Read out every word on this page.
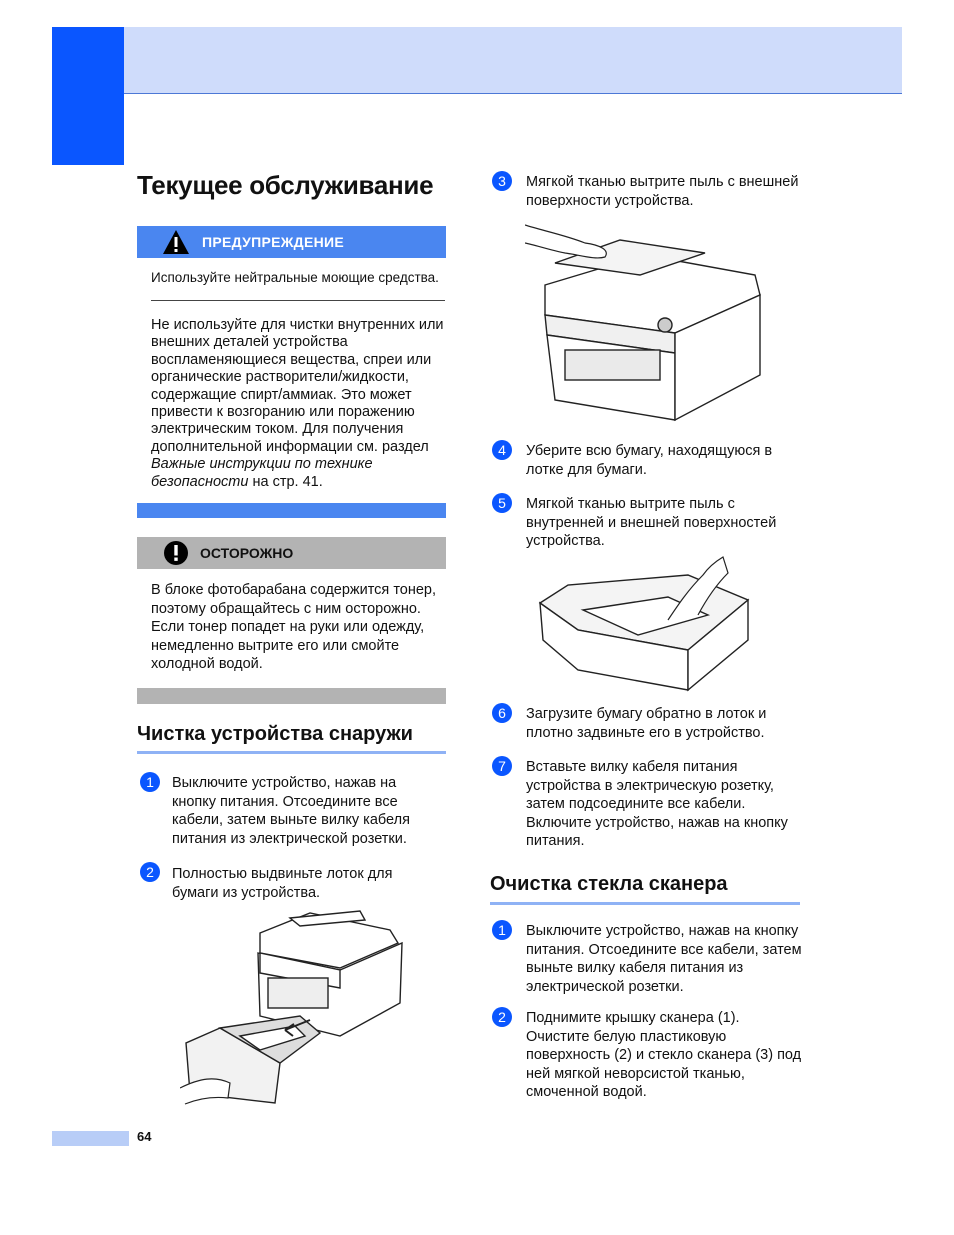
Текущее обслуживание
ПРЕДУПРЕЖДЕНИЕ
Используйте нейтральные моющие средства.
Не используйте для чистки внутренних или внешних деталей устройства воспламеняющиеся вещества, спреи или органические растворители/жидкости, содержащие спирт/аммиак. Это может привести к возгоранию или поражению электрическим током. Для получения дополнительной информации см. раздел Важные инструкции по технике безопасности на стр. 41.
ОСТОРОЖНО
В блоке фотобарабана содержится тонер, поэтому обращайтесь с ним осторожно. Если тонер попадет на руки или одежду, немедленно вытрите его или смойте холодной водой.
Чистка устройства снаружи
1	Выключите устройство, нажав на кнопку питания. Отсоедините все кабели, затем выньте вилку кабеля питания из электрической розетки.
2	Полностью выдвиньте лоток для бумаги из устройства.
3	Мягкой тканью вытрите пыль с внешней поверхности устройства.
4	Уберите всю бумагу, находящуюся в лотке для бумаги.
5	Мягкой тканью вытрите пыль с внутренней и внешней поверхностей устройства.
6	Загрузите бумагу обратно в лоток и плотно задвиньте его в устройство.
7	Вставьте вилку кабеля питания устройства в электрическую розетку, затем подсоедините все кабели. Включите устройство, нажав на кнопку питания.
Очистка стекла сканера
1	Выключите устройство, нажав на кнопку питания. Отсоедините все кабели, затем выньте вилку кабеля питания из электрической розетки.
2	Поднимите крышку сканера (1). Очистите белую пластиковую поверхность (2) и стекло сканера (3) под ней мягкой неворсистой тканью, смоченной водой.
64
